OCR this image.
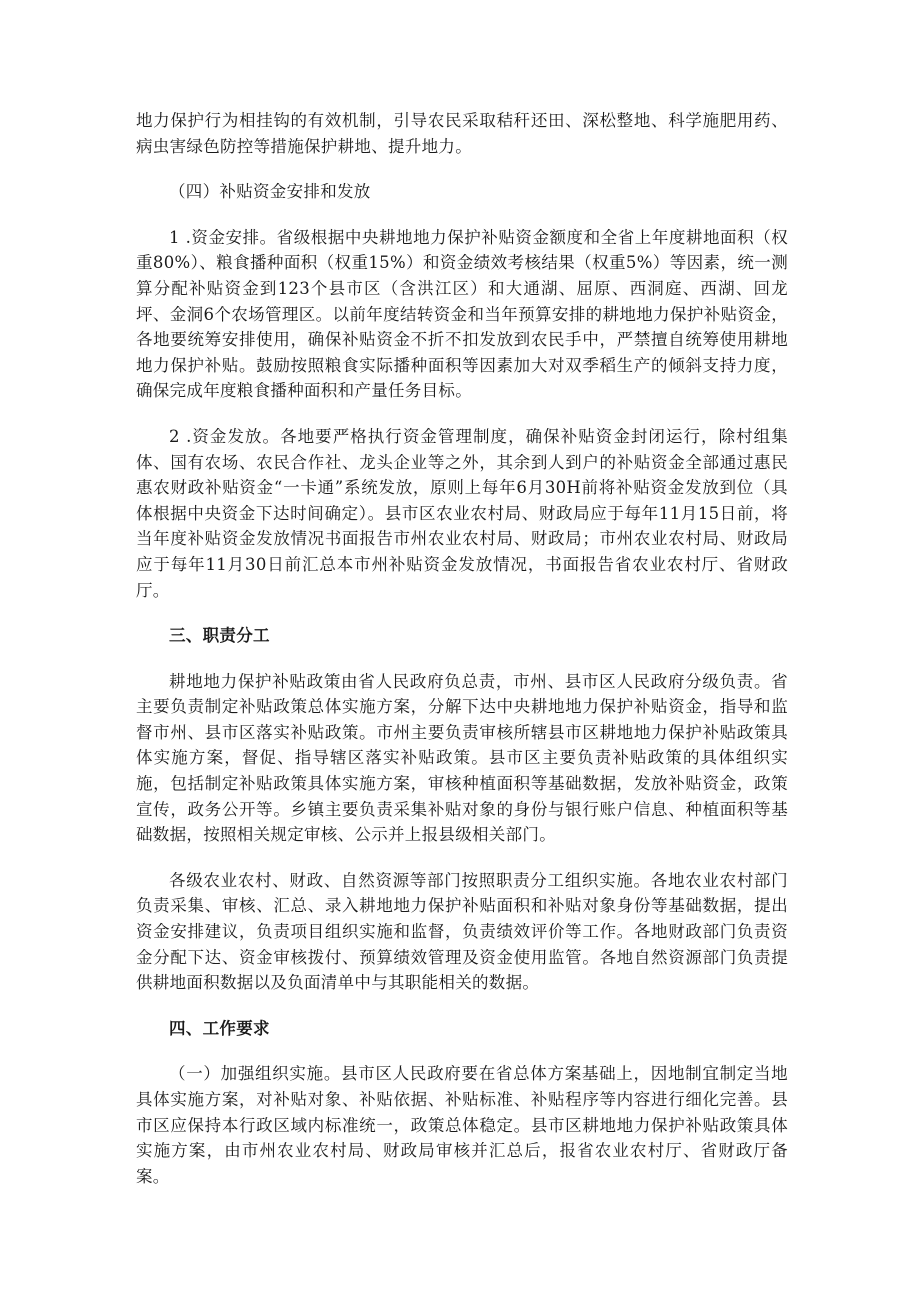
地力保护行为相挂钩的有效机制，引导农民采取秸秆还田、深松整地、科学施肥用药、病虫害绿色防控等措施保护耕地、提升地力。

（四）补贴资金安排和发放

1 .资金安排。省级根据中央耕地地力保护补贴资金额度和全省上年度耕地面积（权重80%）、粮食播种面积（权重15%）和资金绩效考核结果（权重5%）等因素，统一测算分配补贴资金到123个县市区（含洪江区）和大通湖、屈原、西洞庭、西湖、回龙坪、金洞6个农场管理区。以前年度结转资金和当年预算安排的耕地地力保护补贴资金，各地要统筹安排使用，确保补贴资金不折不扣发放到农民手中，严禁擅自统筹使用耕地地力保护补贴。鼓励按照粮食实际播种面积等因素加大对双季稻生产的倾斜支持力度，确保完成年度粮食播种面积和产量任务目标。

2 .资金发放。各地要严格执行资金管理制度，确保补贴资金封闭运行，除村组集体、国有农场、农民合作社、龙头企业等之外，其余到人到户的补贴资金全部通过惠民惠农财政补贴资金“一卡通”系统发放，原则上每年6月30H前将补贴资金发放到位（具体根据中央资金下达时间确定）。县市区农业农村局、财政局应于每年11月15日前，将当年度补贴资金发放情况书面报告市州农业农村局、财政局；市州农业农村局、财政局应于每年11月30日前汇总本市州补贴资金发放情况，书面报告省农业农村厅、省财政厅。

三、职责分工

耕地地力保护补贴政策由省人民政府负总责，市州、县市区人民政府分级负责。省主要负责制定补贴政策总体实施方案，分解下达中央耕地地力保护补贴资金，指导和监督市州、县市区落实补贴政策。市州主要负责审核所辖县市区耕地地力保护补贴政策具体实施方案，督促、指导辖区落实补贴政策。县市区主要负责补贴政策的具体组织实施，包括制定补贴政策具体实施方案，审核种植面积等基础数据，发放补贴资金，政策宣传，政务公开等。乡镇主要负责采集补贴对象的身份与银行账户信息、种植面积等基础数据，按照相关规定审核、公示并上报县级相关部门。

各级农业农村、财政、自然资源等部门按照职责分工组织实施。各地农业农村部门负责采集、审核、汇总、录入耕地地力保护补贴面积和补贴对象身份等基础数据，提出资金安排建议，负责项目组织实施和监督，负责绩效评价等工作。各地财政部门负责资金分配下达、资金审核拨付、预算绩效管理及资金使用监管。各地自然资源部门负责提供耕地面积数据以及负面清单中与其职能相关的数据。

四、工作要求

（一）加强组织实施。县市区人民政府要在省总体方案基础上，因地制宜制定当地具体实施方案，对补贴对象、补贴依据、补贴标准、补贴程序等内容进行细化完善。县市区应保持本行政区域内标准统一，政策总体稳定。县市区耕地地力保护补贴政策具体实施方案，由市州农业农村局、财政局审核并汇总后，报省农业农村厅、省财政厅备案。
